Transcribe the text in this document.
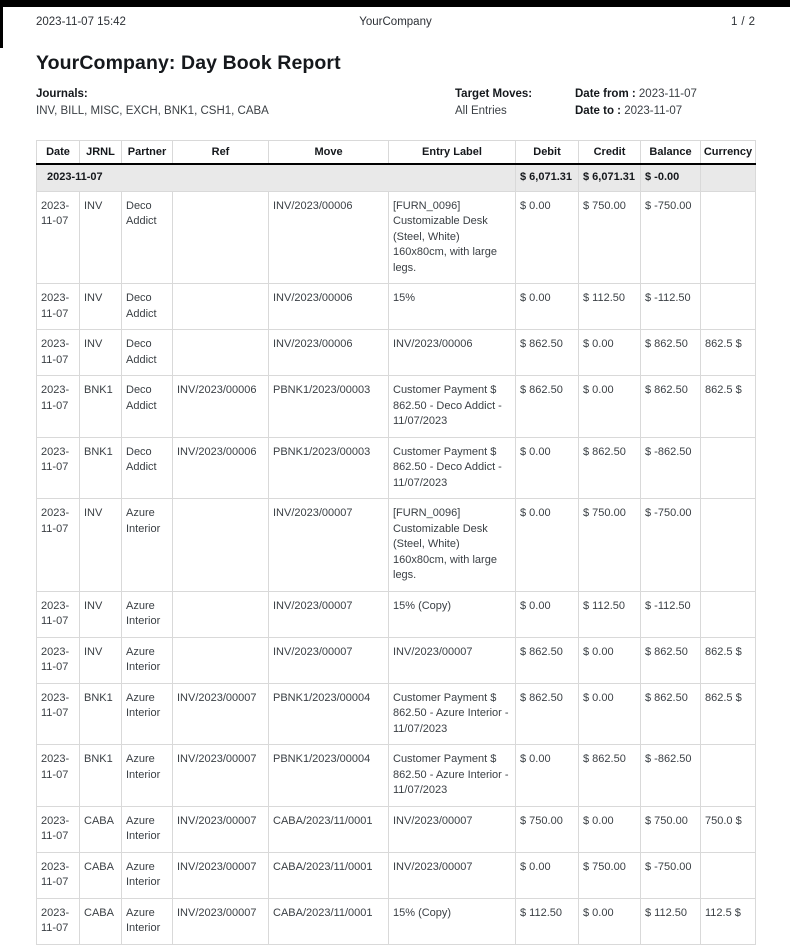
2023-11-07 15:42	YourCompany	1 / 2
YourCompany: Day Book Report
Journals:
INV, BILL, MISC, EXCH, BNK1, CSH1, CABA
Target Moves:
All Entries
Date from : 2023-11-07
Date to : 2023-11-07
Date	JRNL	Partner	Ref	Move	Entry Label	Debit	Credit	Balance	Currency
2023-11-07						$ 6,071.31	$ 6,071.31	$ -0.00	
2023-11-07	INV	Deco Addict		INV/2023/00006	[FURN_0096] Customizable Desk (Steel, White) 160x80cm, with large legs.	$ 0.00	$ 750.00	$ -750.00	
2023-11-07	INV	Deco Addict		INV/2023/00006	15%	$ 0.00	$ 112.50	$ -112.50	
2023-11-07	INV	Deco Addict		INV/2023/00006	INV/2023/00006	$ 862.50	$ 0.00	$ 862.50	862.5 $
2023-11-07	BNK1	Deco Addict	INV/2023/00006	PBNK1/2023/00003	Customer Payment $ 862.50 - Deco Addict - 11/07/2023	$ 862.50	$ 0.00	$ 862.50	862.5 $
2023-11-07	BNK1	Deco Addict	INV/2023/00006	PBNK1/2023/00003	Customer Payment $ 862.50 - Deco Addict - 11/07/2023	$ 0.00	$ 862.50	$ -862.50	
2023-11-07	INV	Azure Interior		INV/2023/00007	[FURN_0096] Customizable Desk (Steel, White) 160x80cm, with large legs.	$ 0.00	$ 750.00	$ -750.00	
2023-11-07	INV	Azure Interior		INV/2023/00007	15% (Copy)	$ 0.00	$ 112.50	$ -112.50	
2023-11-07	INV	Azure Interior		INV/2023/00007	INV/2023/00007	$ 862.50	$ 0.00	$ 862.50	862.5 $
2023-11-07	BNK1	Azure Interior	INV/2023/00007	PBNK1/2023/00004	Customer Payment $ 862.50 - Azure Interior - 11/07/2023	$ 862.50	$ 0.00	$ 862.50	862.5 $
2023-11-07	BNK1	Azure Interior	INV/2023/00007	PBNK1/2023/00004	Customer Payment $ 862.50 - Azure Interior - 11/07/2023	$ 0.00	$ 862.50	$ -862.50	
2023-11-07	CABA	Azure Interior	INV/2023/00007	CABA/2023/11/0001	INV/2023/00007	$ 750.00	$ 0.00	$ 750.00	750.0 $
2023-11-07	CABA	Azure Interior	INV/2023/00007	CABA/2023/11/0001	INV/2023/00007	$ 0.00	$ 750.00	$ -750.00	
2023-11-07	CABA	Azure Interior	INV/2023/00007	CABA/2023/11/0001	15% (Copy)	$ 112.50	$ 0.00	$ 112.50	112.5 $
